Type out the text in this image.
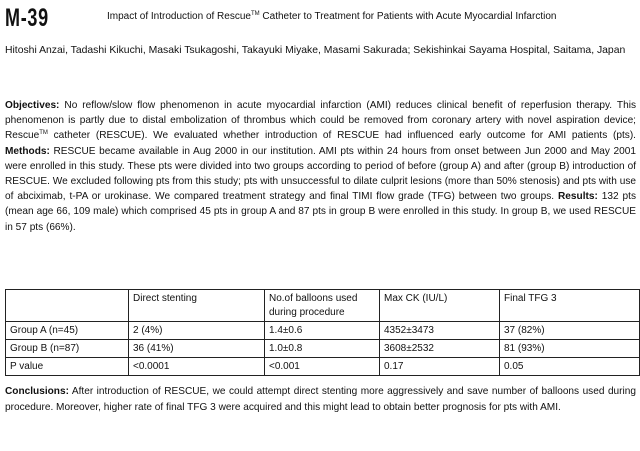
M-39	Impact of Introduction of Rescue™ Catheter to Treatment for Patients with Acute Myocardial Infarction
Hitoshi Anzai, Tadashi Kikuchi, Masaki Tsukagoshi, Takayuki Miyake, Masami Sakurada; Sekishinkai Sayama Hospital, Saitama, Japan

Objectives: No reflow/slow flow phenomenon in acute myocardial infarction (AMI) reduces clinical benefit of reperfusion therapy. This phenomenon is partly due to distal embolization of thrombus which could be removed from coronary artery with novel aspiration device; Rescue™ catheter (RESCUE). We evaluated whether introduction of RESCUE had influenced early outcome for AMI patients (pts). Methods: RESCUE became available in Aug 2000 in our institution. AMI pts within 24 hours from onset between Jun 2000 and May 2001 were enrolled in this study. These pts were divided into two groups according to period of before (group A) and after (group B) introduction of RESCUE. We excluded following pts from this study; pts with unsuccessful to dilate culprit lesions (more than 50% stenosis) and pts with use of abciximab, t-PA or urokinase. We compared treatment strategy and final TIMI flow grade (TFG) between two groups. Results: 132 pts (mean age 66, 109 male) which comprised 45 pts in group A and 87 pts in group B were enrolled in this study. In group B, we used RESCUE in 57 pts (66%).

	Direct stenting	No.of balloons used during procedure	Max CK (IU/L)	Final TFG 3
Group A (n=45)	2 (4%)	1.4±0.6	4352±3473	37 (82%)
Group B (n=87)	36 (41%)	1.0±0.8	3608±2532	81 (93%)
P value	<0.0001	<0.001	0.17	0.05

Conclusions: After introduction of RESCUE, we could attempt direct stenting more aggressively and save number of balloons used during procedure. Moreover, higher rate of final TFG 3 were acquired and this might lead to obtain better prognosis for pts with AMI.
